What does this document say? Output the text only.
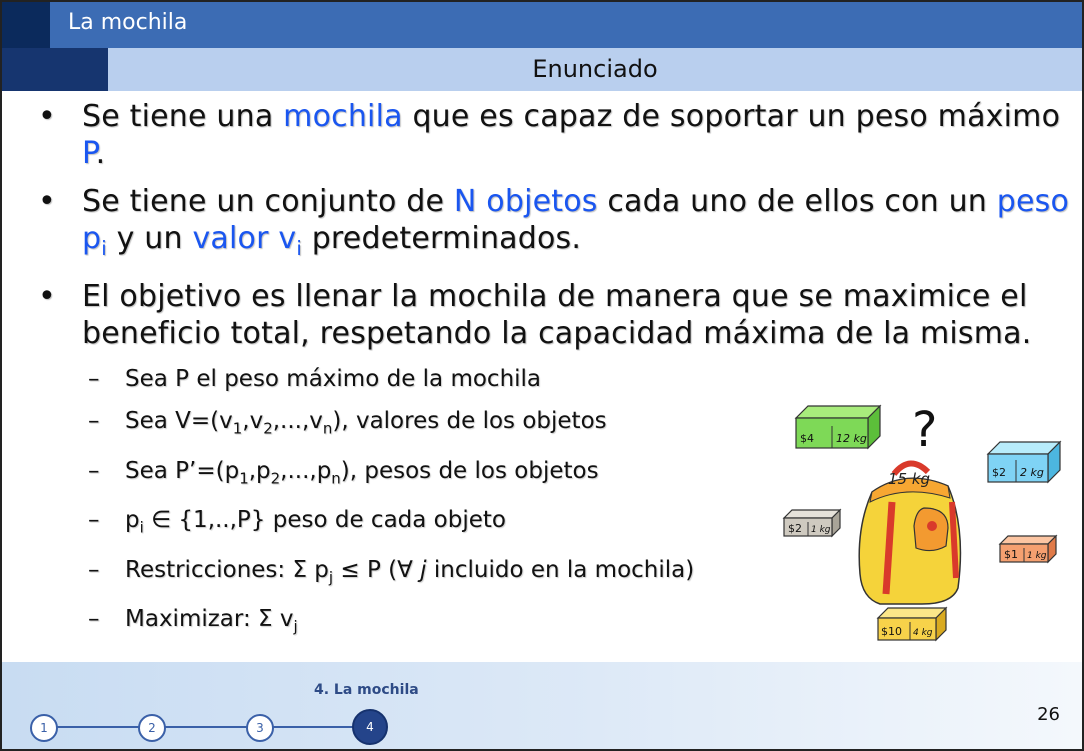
La mochila
Enunciado
• Se tiene una mochila que es capaz de soportar un peso máximo P.
• Se tiene un conjunto de N objetos cada uno de ellos con un peso $p_i$ y un valor $v_i$ predeterminados.
• El objetivo es llenar la mochila de manera que se maximice el beneficio total, respetando la capacidad máxima de la misma.
– Sea P el peso máximo de la mochila
– Sea $V=(v_1,v_2,...,v_n)$, valores de los objetos
– Sea $P’=(p_1,p_2,...,p_n)$, pesos de los objetos
– $p_i$ ∈ {1,..,P} peso de cada objeto
– Restricciones: Σ $p_j \le P$ (∀ j incluido en la mochila)
– Maximizar: Σ $v_j$
?
$4 12 kg
$2 2 kg
$2 1 kg
15 kg
$1 1 kg
$10 4 kg
4. La mochila
26
1	2	3	4
